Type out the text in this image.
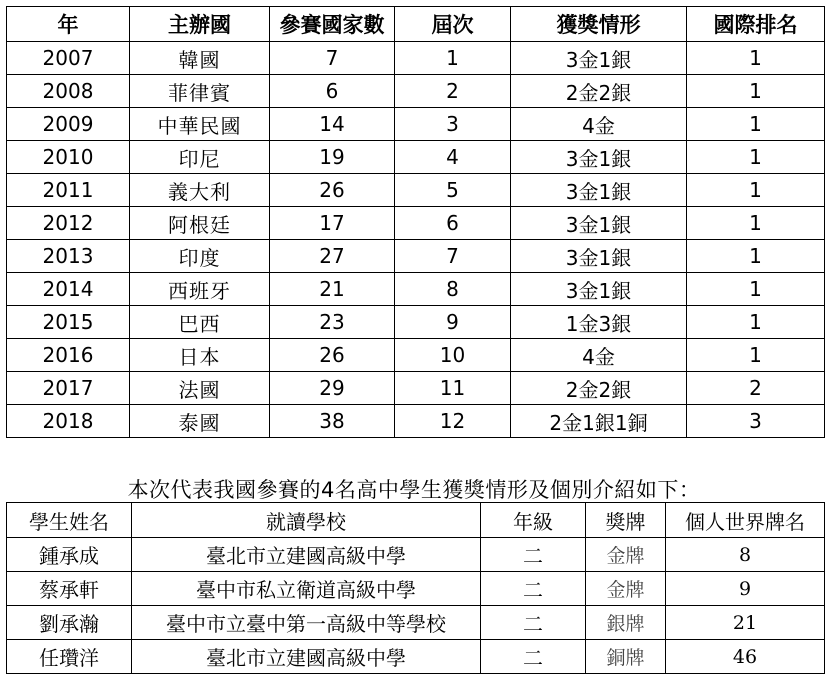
年	主辦國	參賽國家數	屆次	獲獎情形	國際排名
2007	韓國	7	1	3金1銀	1
2008	菲律賓	6	2	2金2銀	1
2009	中華民國	14	3	4金	1
2010	印尼	19	4	3金1銀	1
2011	義大利	26	5	3金1銀	1
2012	阿根廷	17	6	3金1銀	1
2013	印度	27	7	3金1銀	1
2014	西班牙	21	8	3金1銀	1
2015	巴西	23	9	1金3銀	1
2016	日本	26	10	4金	1
2017	法國	29	11	2金2銀	2
2018	泰國	38	12	2金1銀1銅	3
本次代表我國參賽的4名高中學生獲獎情形及個別介紹如下：
學生姓名	就讀學校	年級	獎牌	個人世界牌名
鍾承成	臺北市立建國高級中學	二	金牌	8
蔡承軒	臺中市私立衛道高級中學	二	金牌	9
劉承瀚	臺中市立臺中第一高級中等學校	二	銀牌	21
任瓚洋	臺北市立建國高級中學	二	銅牌	46
